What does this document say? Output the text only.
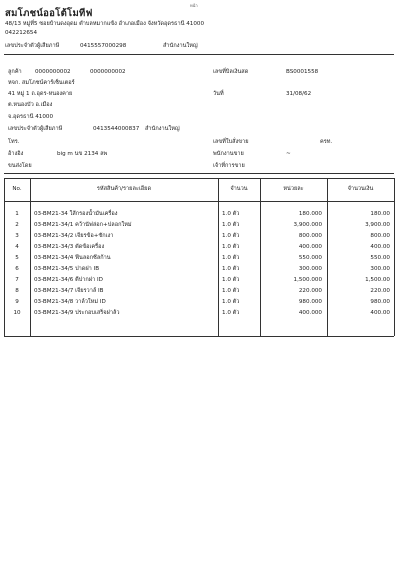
หน้า
สมโภชน์ออโต้โมทีฟ
48/13 หมู่ที่5 ซอยบ้านดงอุดม ตำบลหมากแข้ง อำเภอเมือง จังหวัดอุดรธานี 41000
042212654
เลขประจำตัวผู้เสียภาษี	0415557000298	สำนักงานใหญ่
ลูกค้า 0000000002	0000000002
หจก. สมโภชน์คาร์เซ็นเตอร์
41 หมู่ 1 ถ.อุดร-หนองคาย
ต.หนองบัว อ.เมือง
จ.อุดรธานี 41000
เลขประจำตัวผู้เสียภาษี	0413544000837 สำนักงานใหญ่
โทร.
อ้างอิง	big m นข 2134 ลพ
ขนส่งโดย
เลขที่บิลเงินสด	BS0001558
วันที่	31/08/62
เลขที่ใบสั่งขาย	ครท.
พนักงานขาย	~
เจ้าที่การขาย
No.	รหัสสินค้า/รายละเอียด	จำนวน	หน่วยละ	จำนวนเงิน
1	03-BM21-34 ใส้กรองน้ำมันเครื่อง	1.0 ตัว	180.000	180.00
2	03-BM21-34/1 คว้านัฟล่อก+ปลอกใหม่	1.0 ตัว	3,900.000	3,900.00
3	03-BM21-34/2 เจียรข้อ+ชักเงา	1.0 ตัว	800.000	800.00
4	03-BM21-34/3 ตัดข้อเครื่อง	1.0 ตัว	400.000	400.00
5	03-BM21-34/4 ฟีนลอกซีลก้าน	1.0 ตัว	550.000	550.00
6	03-BM21-34/5 ปาดฝา IB	1.0 ตัว	300.000	300.00
7	03-BM21-34/6 ตีปากฝา ID	1.0 ตัว	1,500.000	1,500.00
8	03-BM21-34/7 เจียรวาล์ IB	1.0 ตัว	220.000	220.00
9	03-BM21-34/8 วาล์วใหม่ ID	1.0 ตัว	980.000	980.00
10	03-BM21-34/9 ประกอบเสร็จฝาล้ว	1.0 ตัว	400.000	400.00
